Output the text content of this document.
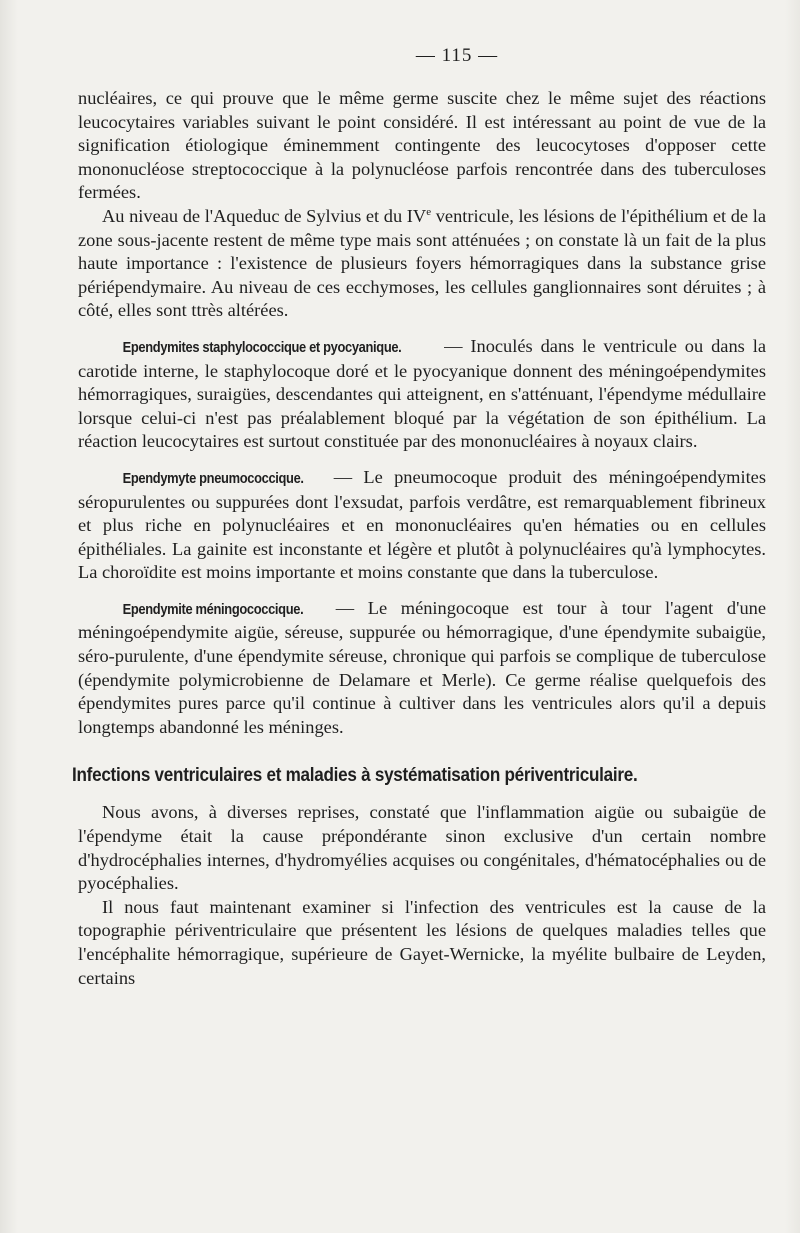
— 115 —

nucléaires, ce qui prouve que le même germe suscite chez le même sujet des réactions leucocytaires variables suivant le point considéré. Il est intéressant au point de vue de la signification étiologique éminemment contingente des leucocytoses d'opposer cette mononucléose streptococcique à la polynucléose parfois rencontrée dans des tuberculoses fermées.

Au niveau de l'Aqueduc de Sylvius et du IVe ventricule, les lésions de l'épithélium et de la zone sous-jacente restent de même type mais sont atténuées ; on constate là un fait de la plus haute importance : l'existence de plusieurs foyers hémorragiques dans la substance grise périépendymaire. Au niveau de ces ecchymoses, les cellules ganglionnaires sont déruites ; à côté, elles sont ttrès altérées.

Ependymites staphylococcique et pyocyanique. — Inoculés dans le ventricule ou dans la carotide interne, le staphylocoque doré et le pyocyanique donnent des méningoépendymites hémorragiques, suraigües, descendantes qui atteignent, en s'atténuant, l'épendyme médullaire lorsque celui-ci n'est pas préalablement bloqué par la végétation de son épithélium. La réaction leucocytaires est surtout constituée par des mononucléaires à noyaux clairs.

Ependymyte pneumococcique. — Le pneumocoque produit des méningoépendymites séropurulentes ou suppurées dont l'exsudat, parfois verdâtre, est remarquablement fibrineux et plus riche en polynucléaires et en mononucléaires qu'en hématies ou en cellules épithéliales. La gainite est inconstante et légère et plutôt à polynucléaires qu'à lymphocytes. La choroïdite est moins importante et moins constante que dans la tuberculose.

Ependymite méningococcique. — Le méningocoque est tour à tour l'agent d'une méningoépendymite aigüe, séreuse, suppurée ou hémorragique, d'une épendymite subaigüe, séro-purulente, d'une épendymite séreuse, chronique qui parfois se complique de tuberculose (épendymite polymicrobienne de Delamare et Merle). Ce germe réalise quelquefois des épendymites pures parce qu'il continue à cultiver dans les ventricules alors qu'il a depuis longtemps abandonné les méninges.

Infections ventriculaires et maladies à systématisation périventriculaire.

Nous avons, à diverses reprises, constaté que l'inflammation aigüe ou subaigüe de l'épendyme était la cause prépondérante sinon exclusive d'un certain nombre d'hydrocéphalies internes, d'hydromyélies acquises ou congénitales, d'hématocéphalies ou de pyocéphalies.

Il nous faut maintenant examiner si l'infection des ventricules est la cause de la topographie périventriculaire que présentent les lésions de quelques maladies telles que l'encéphalite hémorragique, supérieure de Gayet-Wernicke, la myélite bulbaire de Leyden, certains
